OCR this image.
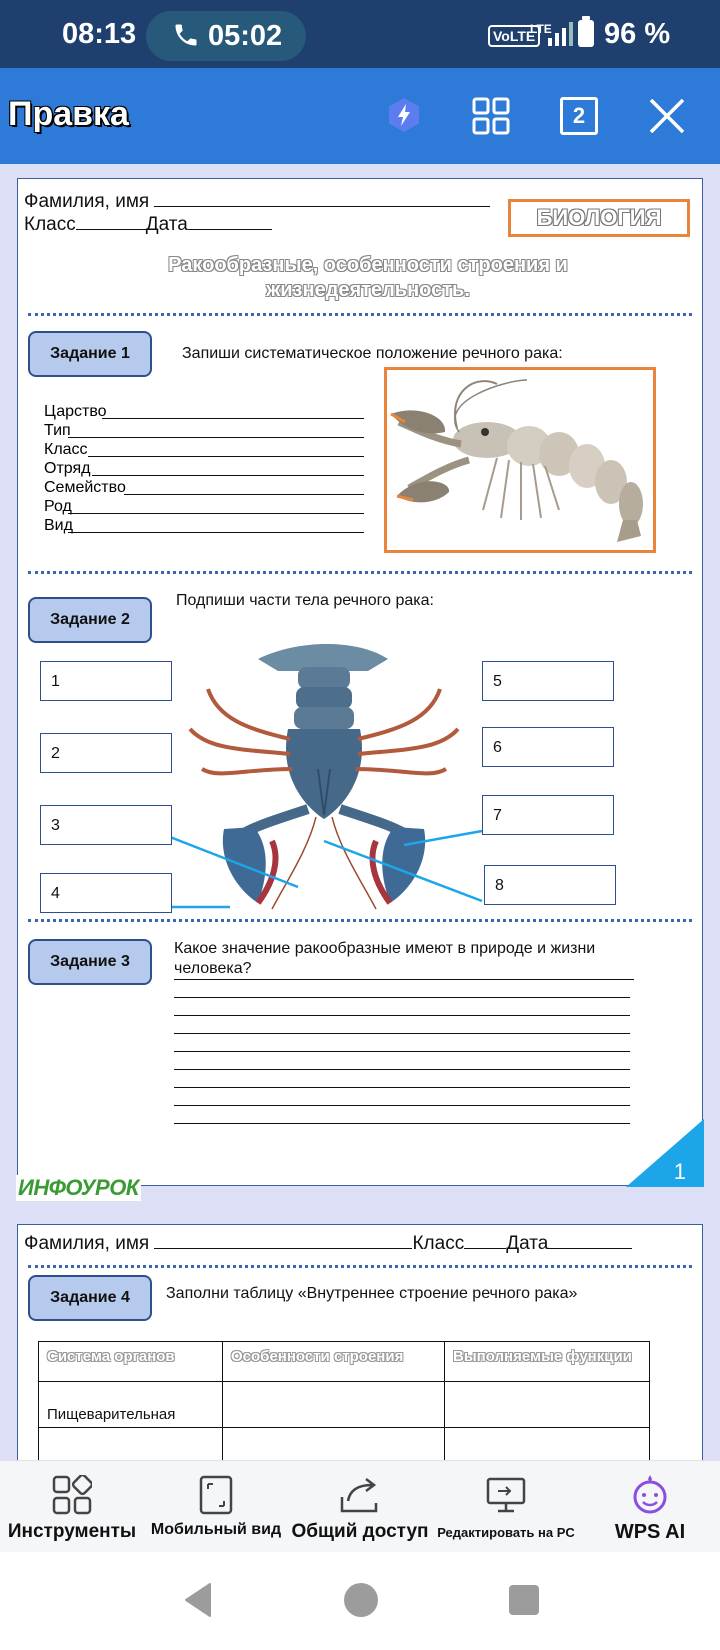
08:13 05:02	VoLTE
LTE 96 %
Правка	2
Фамилия, имя
Класс	Дата	БИОЛОГИЯ
Ракообразные, особенности строения и жизнедеятельность.
Задание 1	Запиши систематическое положение речного рака:
Царство
Тип
Класс
Отряд
Семейство
Род
Вид
Задание 2
Подпиши части тела речного рака:
1
2
3
4
5
6
7
8
Задание 3
Какое значение ракообразные имеют в природе и жизни человека?
ИНФОУРОК
1
Фамилия, имя	Класс Дата
Задание 4	Заполни таблицу «Внутреннее строение речного рака»
Система органов	Особенности строения	Выполняемые функции
Пищеварительная		

Инструменты Мобильный вид Общий доступ Редактировать на PC	WPS AI
